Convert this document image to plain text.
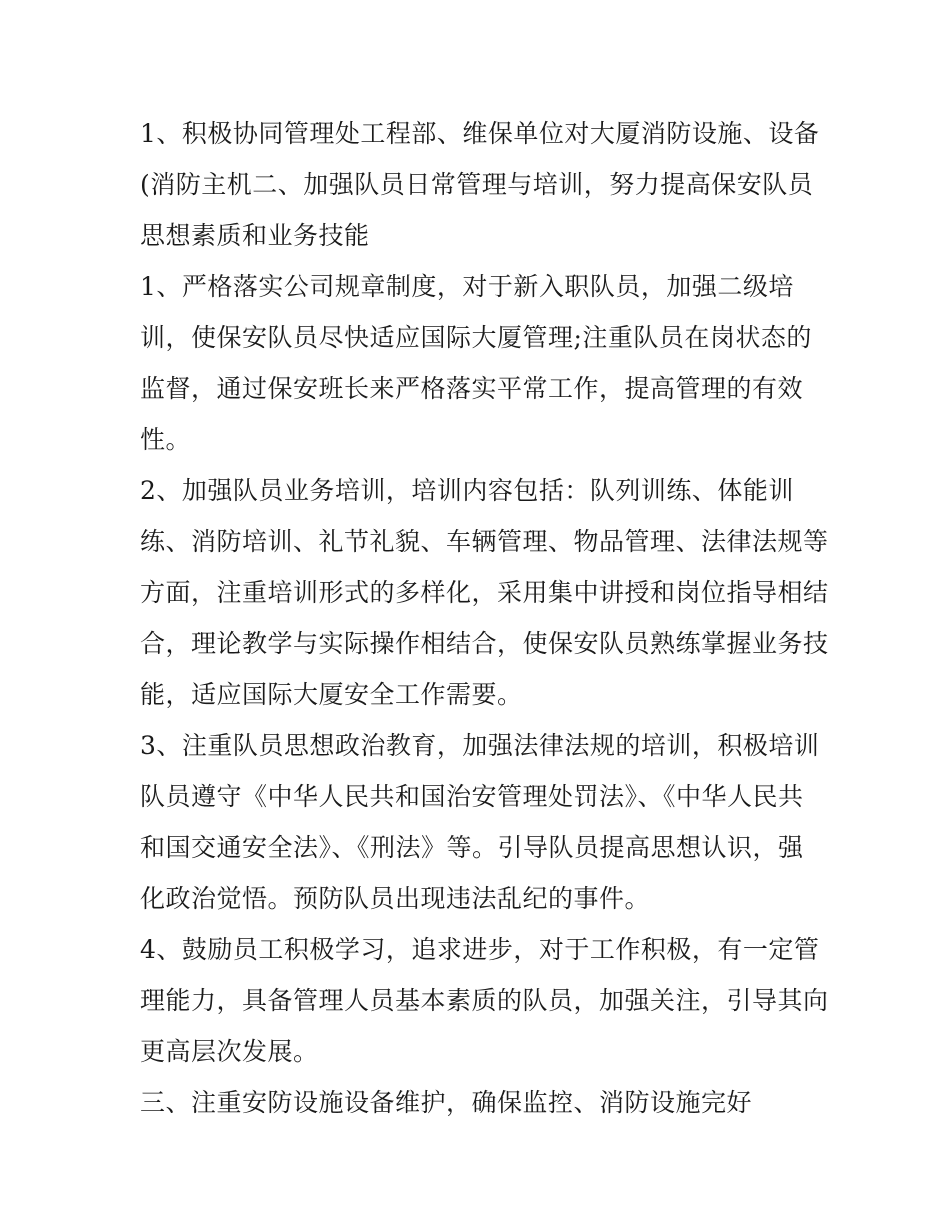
1、积极协同管理处工程部、维保单位对大厦消防设施、设备
(消防主机二、加强队员日常管理与培训，努力提高保安队员
思想素质和业务技能
1、严格落实公司规章制度，对于新入职队员，加强二级培
训，使保安队员尽快适应国际大厦管理;注重队员在岗状态的
监督，通过保安班长来严格落实平常工作，提高管理的有效
性。
2、加强队员业务培训，培训内容包括：队列训练、体能训
练、消防培训、礼节礼貌、车辆管理、物品管理、法律法规等
方面，注重培训形式的多样化，采用集中讲授和岗位指导相结
合，理论教学与实际操作相结合，使保安队员熟练掌握业务技
能，适应国际大厦安全工作需要。
3、注重队员思想政治教育，加强法律法规的培训，积极培训
队员遵守《中华人民共和国治安管理处罚法》、《中华人民共
和国交通安全法》、《刑法》等。引导队员提高思想认识，强
化政治觉悟。预防队员出现违法乱纪的事件。
4、鼓励员工积极学习，追求进步，对于工作积极，有一定管
理能力，具备管理人员基本素质的队员，加强关注，引导其向
更高层次发展。
三、注重安防设施设备维护，确保监控、消防设施完好
